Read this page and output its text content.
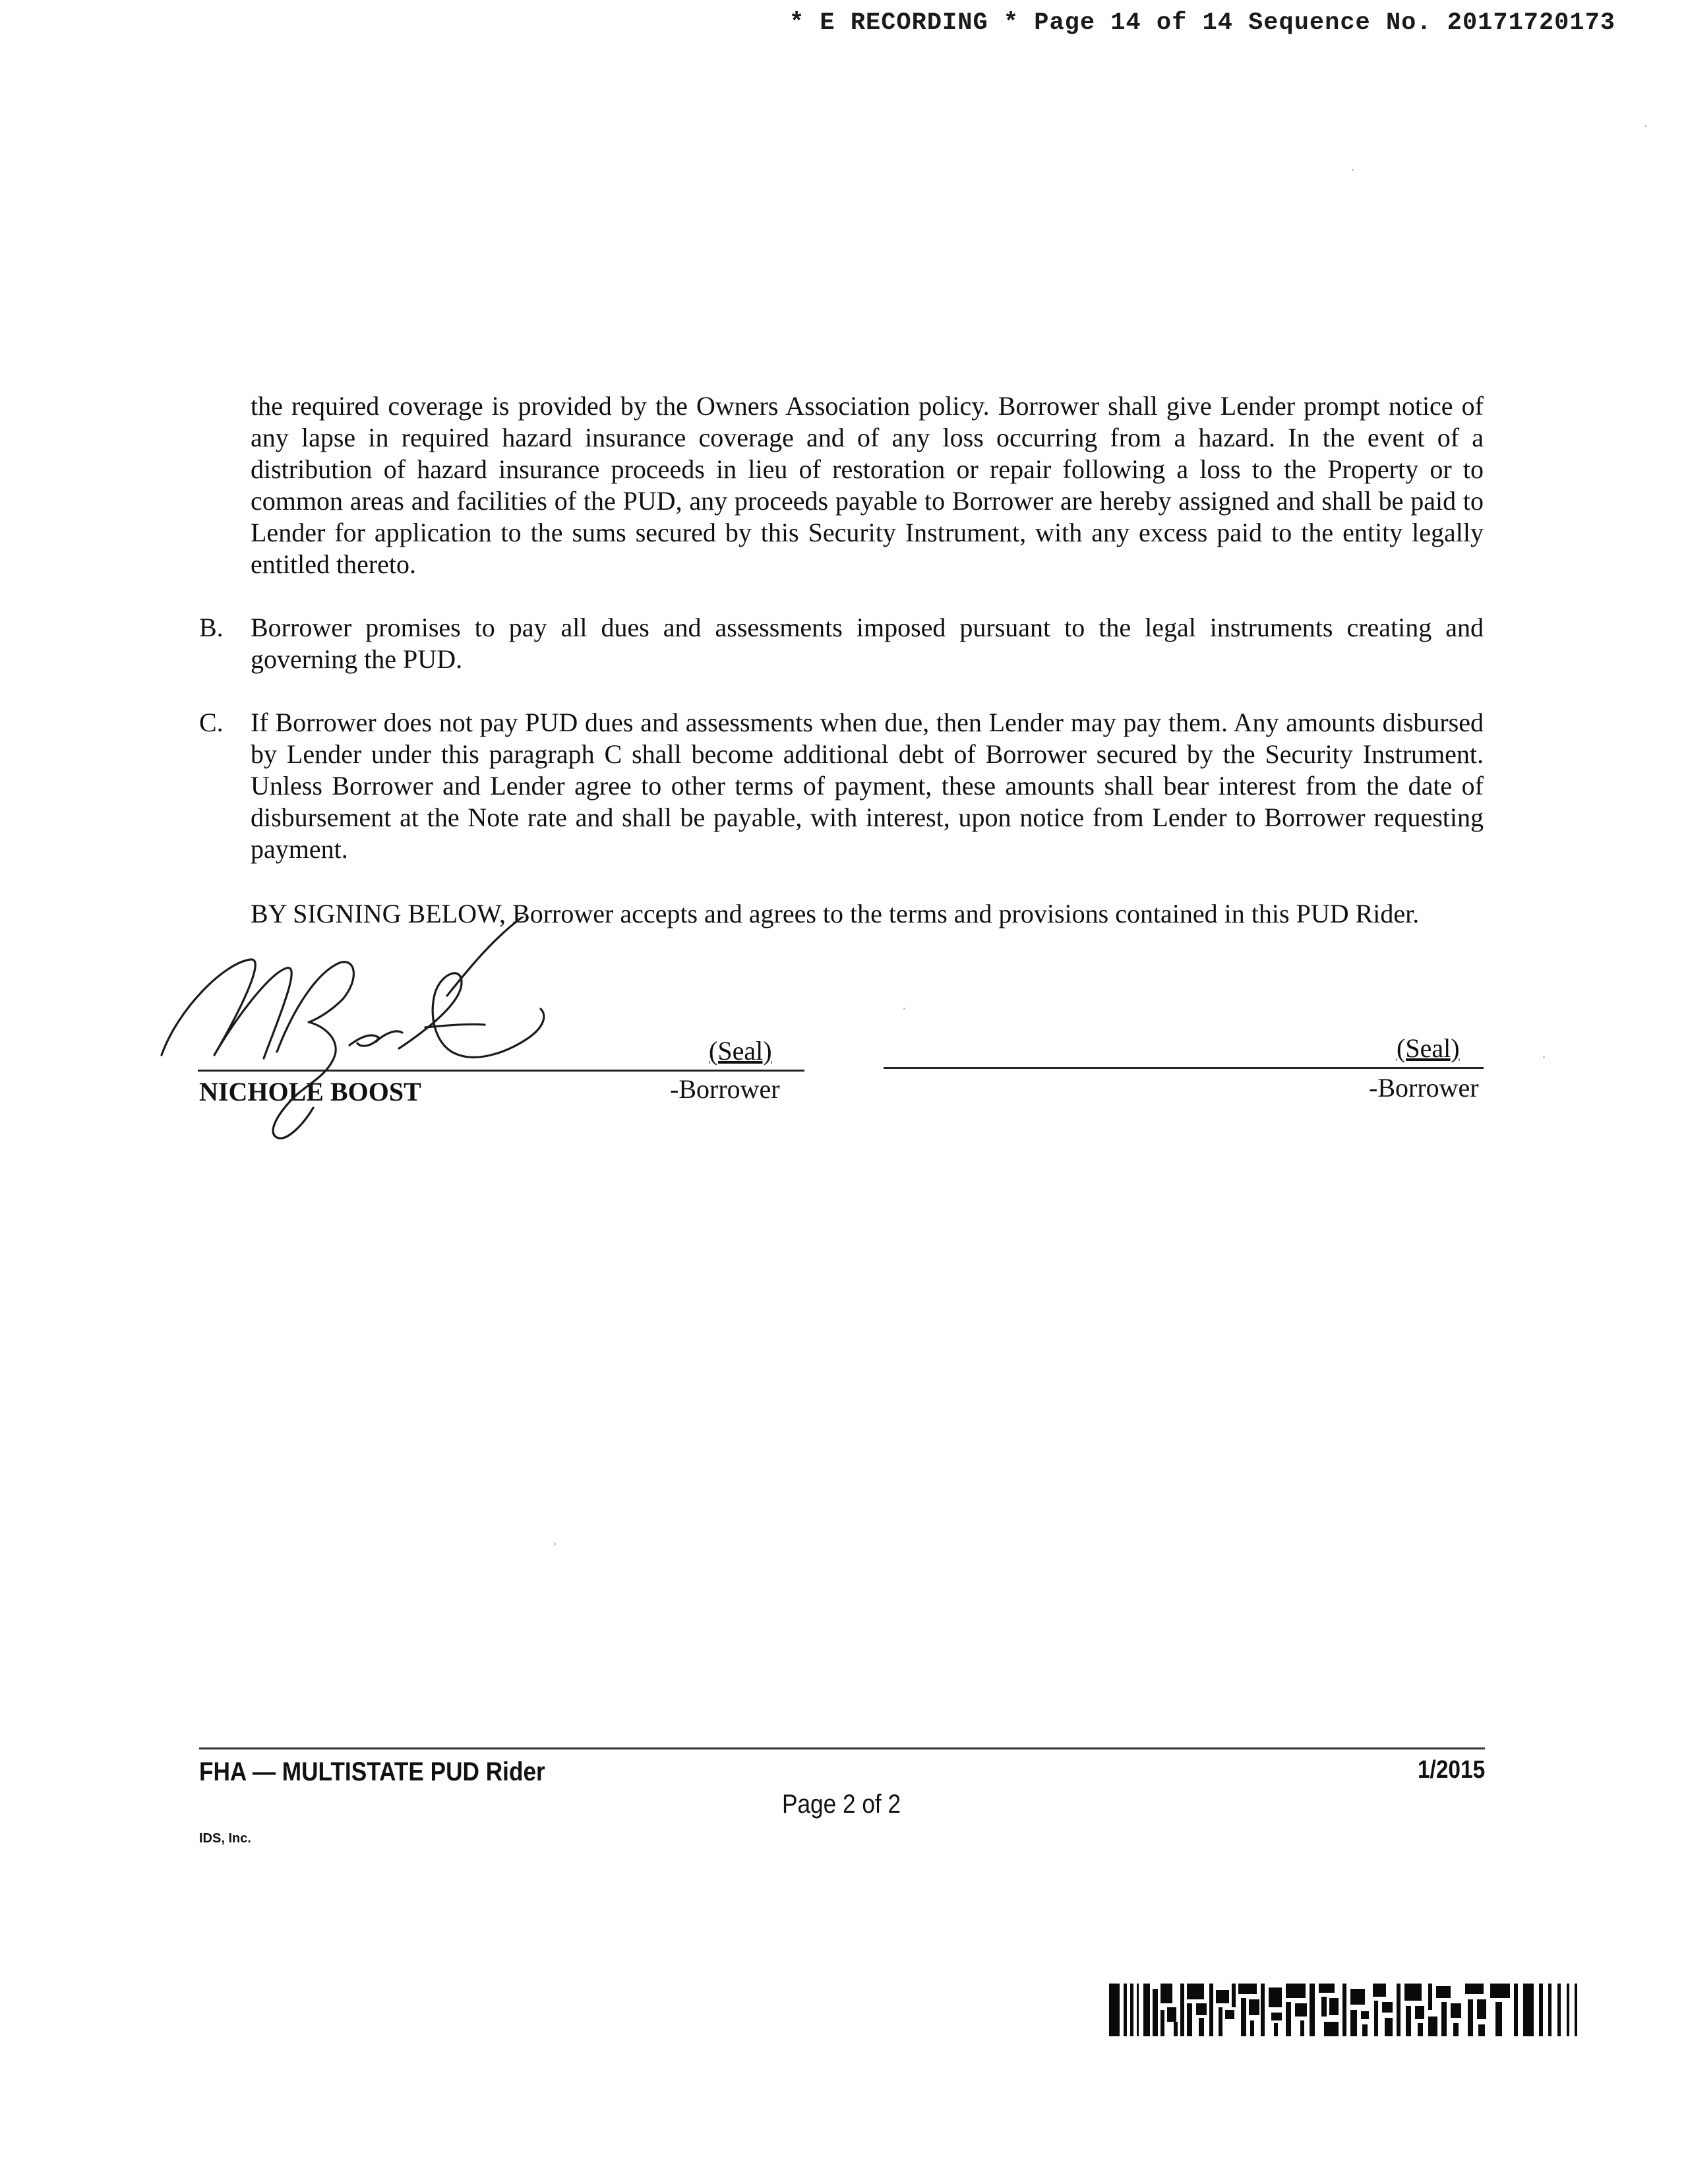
* E RECORDING * Page 14 of 14 Sequence No. 20171720173
the required coverage is provided by the Owners Association policy. Borrower shall give Lender prompt notice of any lapse in required hazard insurance coverage and of any loss occurring from a hazard. In the event of a distribution of hazard insurance proceeds in lieu of restoration or repair following a loss to the Property or to common areas and facilities of the PUD, any proceeds payable to Borrower are hereby assigned and shall be paid to Lender for application to the sums secured by this Security Instrument, with any excess paid to the entity legally entitled thereto.
B. Borrower promises to pay all dues and assessments imposed pursuant to the legal instruments creating and governing the PUD.
C. If Borrower does not pay PUD dues and assessments when due, then Lender may pay them. Any amounts disbursed by Lender under this paragraph C shall become additional debt of Borrower secured by the Security Instrument. Unless Borrower and Lender agree to other terms of payment, these amounts shall bear interest from the date of disbursement at the Note rate and shall be payable, with interest, upon notice from Lender to Borrower requesting payment.
BY SIGNING BELOW, Borrower accepts and agrees to the terms and provisions contained in this PUD Rider.
(Seal)
-Borrower
NICHOLE BOOST
(Seal)
-Borrower
FHA — MULTISTATE PUD Rider	1/2015
Page 2 of 2
IDS, Inc.
